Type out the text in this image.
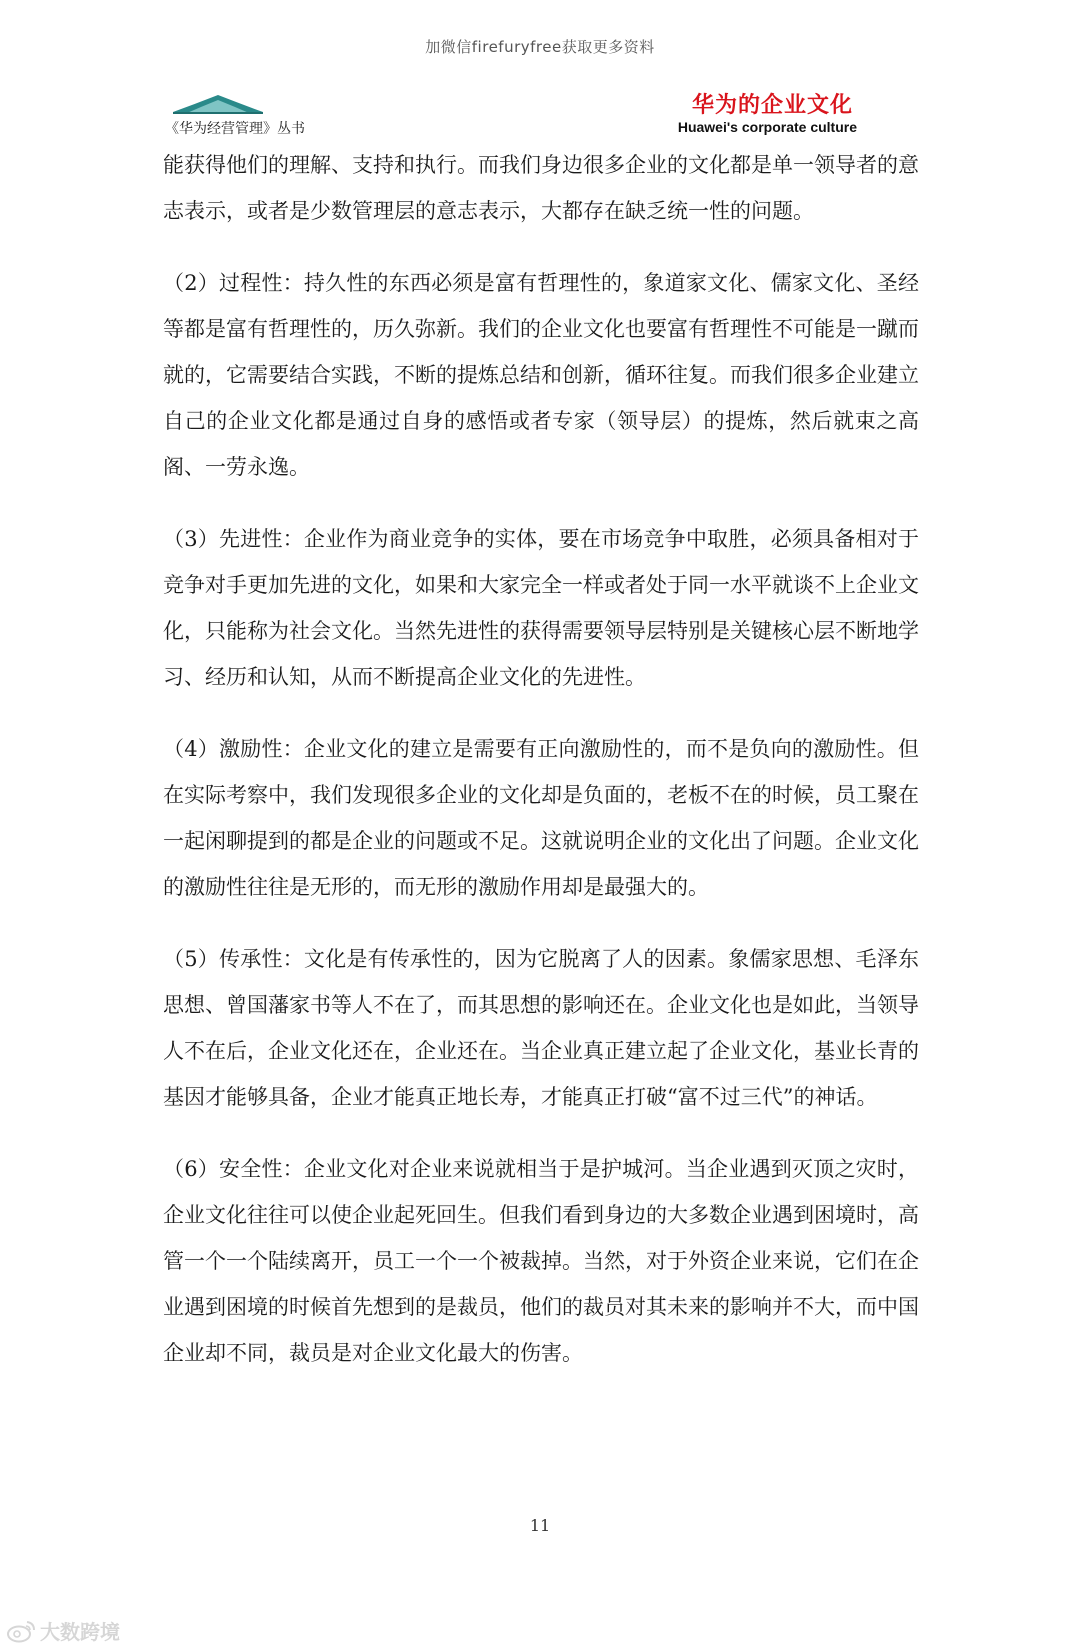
加微信firefuryfree获取更多资料
《华为经营管理》丛书
华为的企业文化
Huawei's corporate culture

能获得他们的理解、支持和执行。而我们身边很多企业的文化都是单一领导者的意志表示，或者是少数管理层的意志表示，大都存在缺乏统一性的问题。

（2）过程性：持久性的东西必须是富有哲理性的，象道家文化、儒家文化、圣经等都是富有哲理性的，历久弥新。我们的企业文化也要富有哲理性不可能是一蹴而就的，它需要结合实践，不断的提炼总结和创新，循环往复。而我们很多企业建立自己的企业文化都是通过自身的感悟或者专家（领导层）的提炼，然后就束之高阁、一劳永逸。

（3）先进性：企业作为商业竞争的实体，要在市场竞争中取胜，必须具备相对于竞争对手更加先进的文化，如果和大家完全一样或者处于同一水平就谈不上企业文化，只能称为社会文化。当然先进性的获得需要领导层特别是关键核心层不断地学习、经历和认知，从而不断提高企业文化的先进性。

（4）激励性：企业文化的建立是需要有正向激励性的，而不是负向的激励性。但在实际考察中，我们发现很多企业的文化却是负面的，老板不在的时候，员工聚在一起闲聊提到的都是企业的问题或不足。这就说明企业的文化出了问题。企业文化的激励性往往是无形的，而无形的激励作用却是最强大的。

（5）传承性：文化是有传承性的，因为它脱离了人的因素。象儒家思想、毛泽东思想、曾国藩家书等人不在了，而其思想的影响还在。企业文化也是如此，当领导人不在后，企业文化还在，企业还在。当企业真正建立起了企业文化，基业长青的基因才能够具备，企业才能真正地长寿，才能真正打破“富不过三代”的神话。

（6）安全性：企业文化对企业来说就相当于是护城河。当企业遇到灭顶之灾时，企业文化往往可以使企业起死回生。但我们看到身边的大多数企业遇到困境时，高管一个一个陆续离开，员工一个一个被裁掉。当然，对于外资企业来说，它们在企业遇到困境的时候首先想到的是裁员，他们的裁员对其未来的影响并不大，而中国企业却不同，裁员是对企业文化最大的伤害。

11
大数跨境
